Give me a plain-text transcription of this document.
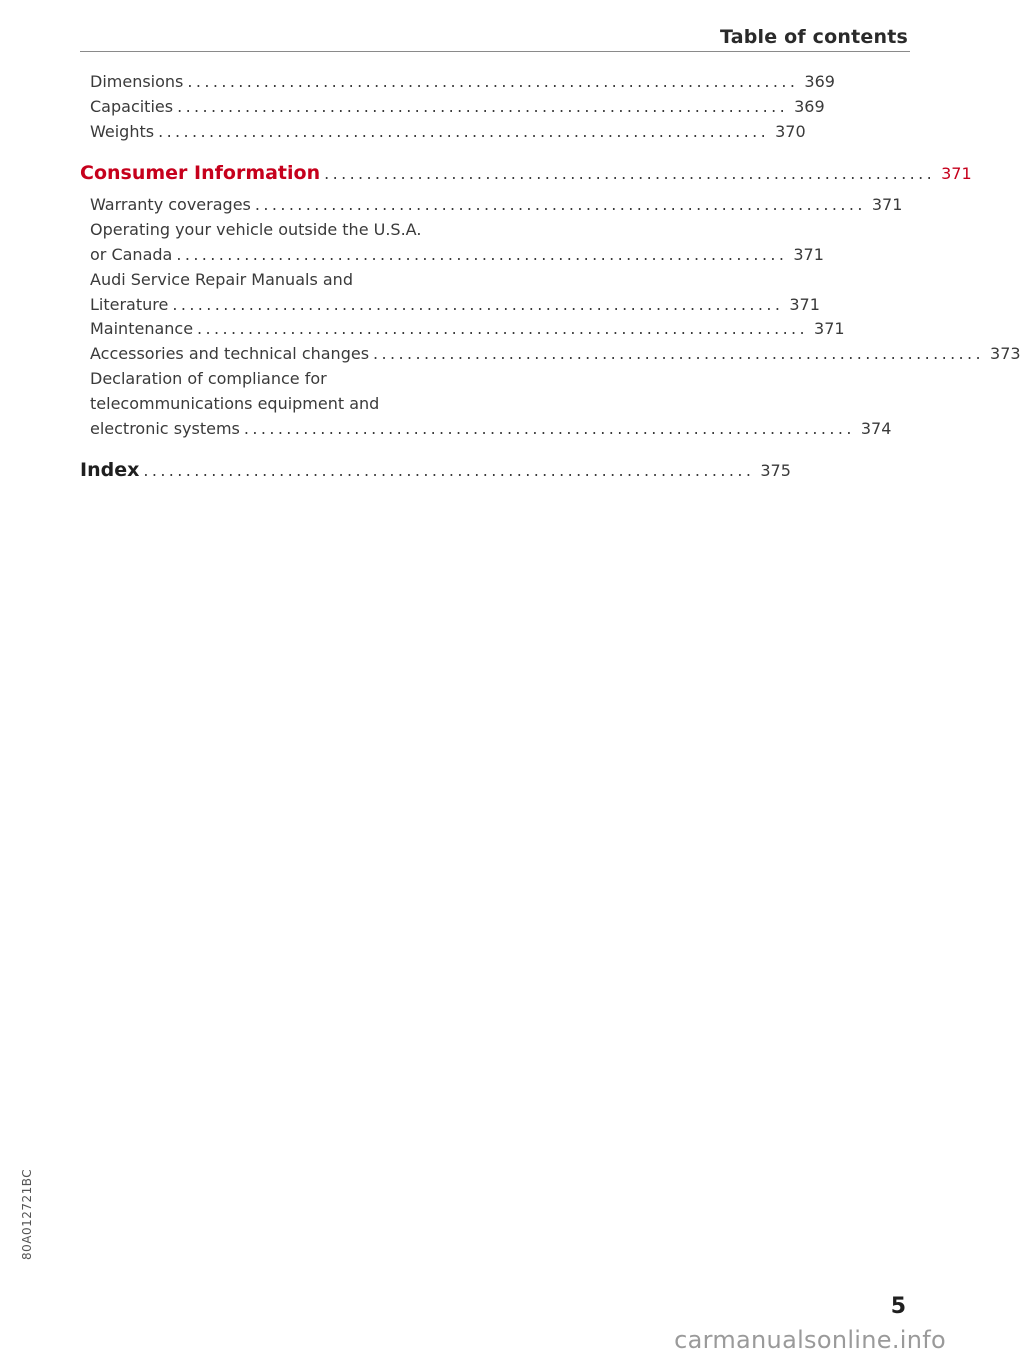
Table of contents
Dimensions ........................................................................ 369
Capacities ........................................................................ 369
Weights ........................................................................ 370
Consumer Information ........................................................................ 371
Warranty coverages ........................................................................ 371
Operating your vehicle outside the U.S.A.
or Canada ........................................................................ 371
Audi Service Repair Manuals and
Literature ........................................................................ 371
Maintenance ........................................................................ 371
Accessories and technical changes ........................................................................ 373
Declaration of compliance for
telecommunications equipment and
electronic systems ........................................................................ 374
Index ........................................................................ 375
80A012721BC
5
carmanualsonline.info
